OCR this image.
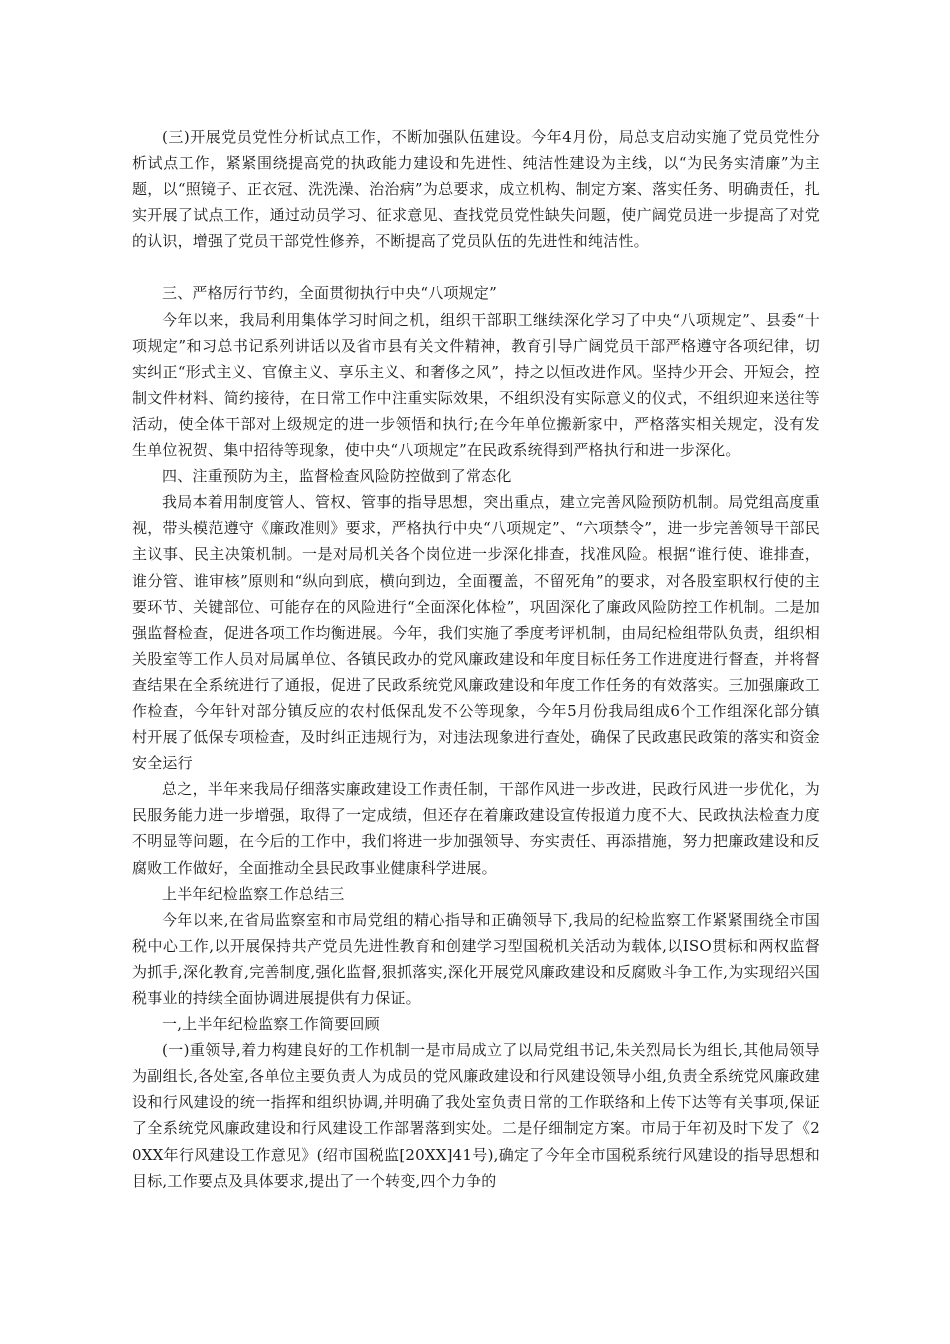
(三)开展党员党性分析试点工作，不断加强队伍建设。今年4月份，局总支启动实施了党员党性分析试点工作，紧紧围绕提高党的执政能力建设和先进性、纯洁性建设为主线，以“为民务实清廉”为主题，以“照镜子、正衣冠、洗洗澡、治治病”为总要求，成立机构、制定方案、落实任务、明确责任，扎实开展了试点工作，通过动员学习、征求意见、查找党员党性缺失问题，使广阔党员进一步提高了对党的认识，增强了党员干部党性修养，不断提高了党员队伍的先进性和纯洁性。

三、严格厉行节约，全面贯彻执行中央“八项规定”

今年以来，我局利用集体学习时间之机，组织干部职工继续深化学习了中央“八项规定”、县委“十项规定”和习总书记系列讲话以及省市县有关文件精神，教育引导广阔党员干部严格遵守各项纪律，切实纠正“形式主义、官僚主义、享乐主义、和奢侈之风”，持之以恒改进作风。坚持少开会、开短会，控制文件材料、简约接待，在日常工作中注重实际效果，不组织没有实际意义的仪式，不组织迎来送往等活动，使全体干部对上级规定的进一步领悟和执行;在今年单位搬新家中，严格落实相关规定，没有发生单位祝贺、集中招待等现象，使中央“八项规定”在民政系统得到严格执行和进一步深化。

四、注重预防为主，监督检查风险防控做到了常态化

我局本着用制度管人、管权、管事的指导思想，突出重点，建立完善风险预防机制。局党组高度重视，带头模范遵守《廉政准则》要求，严格执行中央“八项规定”、“六项禁令”，进一步完善领导干部民主议事、民主决策机制。一是对局机关各个岗位进一步深化排查，找准风险。根据“谁行使、谁排查，谁分管、谁审核”原则和“纵向到底，横向到边，全面覆盖，不留死角”的要求，对各股室职权行使的主要环节、关键部位、可能存在的风险进行“全面深化体检”，巩固深化了廉政风险防控工作机制。二是加强监督检查，促进各项工作均衡进展。今年，我们实施了季度考评机制，由局纪检组带队负责，组织相关股室等工作人员对局属单位、各镇民政办的党风廉政建设和年度目标任务工作进度进行督查，并将督查结果在全系统进行了通报，促进了民政系统党风廉政建设和年度工作任务的有效落实。三加强廉政工作检查，今年针对部分镇反应的农村低保乱发不公等现象，今年5月份我局组成6个工作组深化部分镇村开展了低保专项检查，及时纠正违规行为，对违法现象进行查处，确保了民政惠民政策的落实和资金安全运行

总之，半年来我局仔细落实廉政建设工作责任制，干部作风进一步改进，民政行风进一步优化，为民服务能力进一步增强，取得了一定成绩，但还存在着廉政建设宣传报道力度不大、民政执法检查力度不明显等问题，在今后的工作中，我们将进一步加强领导、夯实责任、再添措施，努力把廉政建设和反腐败工作做好，全面推动全县民政事业健康科学进展。

上半年纪检监察工作总结三

今年以来,在省局监察室和市局党组的精心指导和正确领导下,我局的纪检监察工作紧紧围绕全市国税中心工作,以开展保持共产党员先进性教育和创建学习型国税机关活动为载体,以ISO贯标和两权监督为抓手,深化教育,完善制度,强化监督,狠抓落实,深化开展党风廉政建设和反腐败斗争工作,为实现绍兴国税事业的持续全面协调进展提供有力保证。

一,上半年纪检监察工作简要回顾

(一)重领导,着力构建良好的工作机制一是市局成立了以局党组书记,朱关烈局长为组长,其他局领导为副组长,各处室,各单位主要负责人为成员的党风廉政建设和行风建设领导小组,负责全系统党风廉政建设和行风建设的统一指挥和组织协调,并明确了我处室负责日常的工作联络和上传下达等有关事项,保证了全系统党风廉政建设和行风建设工作部署落到实处。二是仔细制定方案。市局于年初及时下发了《20XX年行风建设工作意见》(绍市国税监[20XX]41号),确定了今年全市国税系统行风建设的指导思想和目标,工作要点及具体要求,提出了一个转变,四个力争的
